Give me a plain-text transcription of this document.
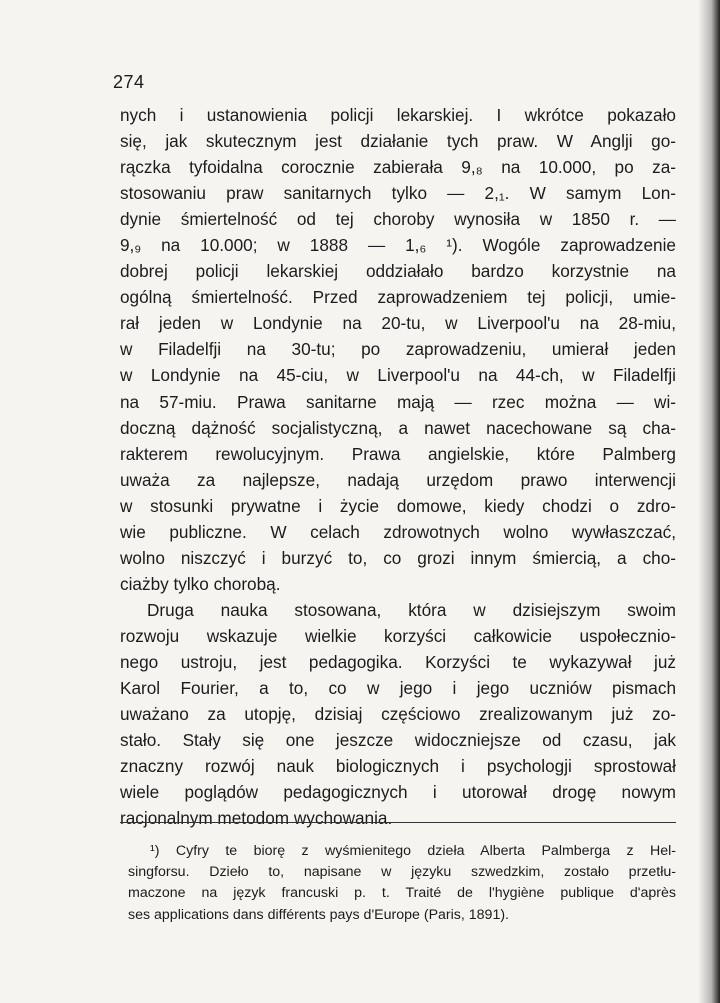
274
nych i ustanowienia policji lekarskiej. I wkrótce pokazało
się, jak skutecznym jest działanie tych praw. W Anglji go-
rączka tyfoidalna corocznie zabierała 9,₈ na 10.000, po za-
stosowaniu praw sanitarnych tylko — 2,₁. W samym Lon-
dynie śmiertelność od tej choroby wynosiła w 1850 r. —
9,₉ na 10.000; w 1888 — 1,₆ ¹). Wogóle zaprowadzenie
dobrej policji lekarskiej oddziałało bardzo korzystnie na
ogólną śmiertelność. Przed zaprowadzeniem tej policji, umie-
rał jeden w Londynie na 20-tu, w Liverpool'u na 28-miu,
w Filadelfji na 30-tu; po zaprowadzeniu, umierał jeden
w Londynie na 45-ciu, w Liverpool'u na 44-ch, w Filadelfji
na 57-miu. Prawa sanitarne mają — rzec można — wi-
doczną dążność socjalistyczną, a nawet nacechowane są cha-
rakterem rewolucyjnym. Prawa angielskie, które Palmberg
uważa za najlepsze, nadają urzędom prawo interwencji
w stosunki prywatne i życie domowe, kiedy chodzi o zdro-
wie publiczne. W celach zdrowotnych wolno wywłaszczać,
wolno niszczyć i burzyć to, co grozi innym śmiercią, a cho-
ciażby tylko chorobą.
Druga nauka stosowana, która w dzisiejszym swoim
rozwoju wskazuje wielkie korzyści całkowicie uspołecznio-
nego ustroju, jest pedagogika. Korzyści te wykazywał już
Karol Fourier, a to, co w jego i jego uczniów pismach
uważano za utopję, dzisiaj częściowo zrealizowanym już zo-
stało. Stały się one jeszcze widoczniejsze od czasu, jak
znaczny rozwój nauk biologicznych i psychologji sprostował
wiele poglądów pedagogicznych i utorował drogę nowym
racjonalnym metodom wychowania.
¹) Cyfry te biorę z wyśmienitego dzieła Alberta Palmberga z Hel-
singforsu. Dzieło to, napisane w języku szwedzkim, zostało przetłu-
maczone na język francuski p. t. Traité de l'hygiène publique d'après
ses applications dans différents pays d'Europe (Paris, 1891).
